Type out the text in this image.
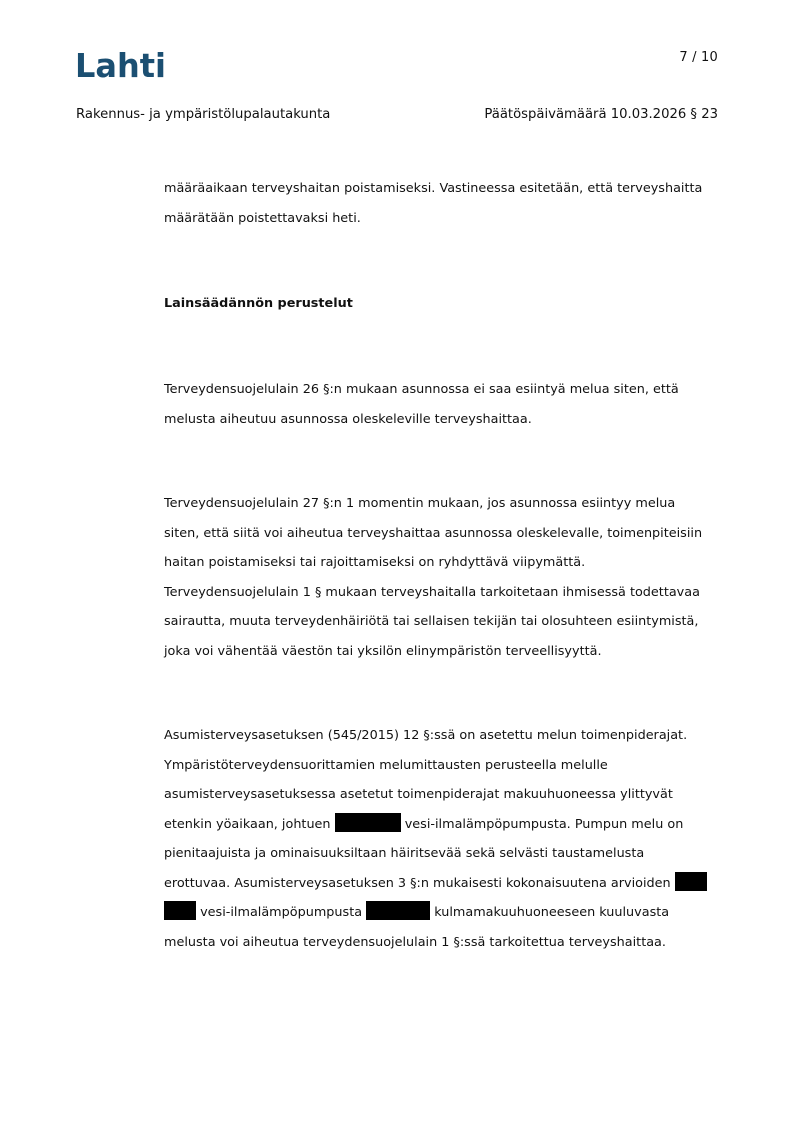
Lahti	7 / 10
Rakennus- ja ympäristölupalautakunta	Päätöspäivämäärä 10.03.2026 § 23

määräaikaan terveyshaitan poistamiseksi. Vastineessa esitetään, että terveyshaitta

määrätään poistettavaksi heti.

Lainsäädännön perustelut

Terveydensuojelulain 26 §:n mukaan asunnossa ei saa esiintyä melua siten, että

melusta aiheutuu asunnossa oleskeleville terveyshaittaa.

Terveydensuojelulain 27 §:n 1 momentin mukaan, jos asunnossa esiintyy melua

siten, että siitä voi aiheutua terveyshaittaa asunnossa oleskelevalle, toimenpiteisiin

haitan poistamiseksi tai rajoittamiseksi on ryhdyttävä viipymättä.

Terveydensuojelulain 1 § mukaan terveyshaitalla tarkoitetaan ihmisessä todettavaa

sairautta, muuta terveydenhäiriötä tai sellaisen tekijän tai olosuhteen esiintymistä,

joka voi vähentää väestön tai yksilön elinympäristön terveellisyyttä.

Asumisterveysasetuksen (545/2015) 12 §:ssä on asetettu melun toimenpiderajat.

Ympäristöterveydensuorittamien melumittausten perusteella melulle

asumisterveysasetuksessa asetetut toimenpiderajat makuuhuoneessa ylittyvät

etenkin yöaikaan, johtuen	vesi-ilmalämpöpumpusta. Pumpun melu on

pienitaajuista ja ominaisuuksiltaan häiritsevää sekä selvästi taustamelusta

erottuvaa. Asumisterveysasetuksen 3 §:n mukaisesti kokonaisuutena arvioiden

vesi-ilmalämpöpumpusta	kulmamakuuhuoneeseen kuuluvasta

melusta voi aiheutua terveydensuojelulain 1 §:ssä tarkoitettua terveyshaittaa.
